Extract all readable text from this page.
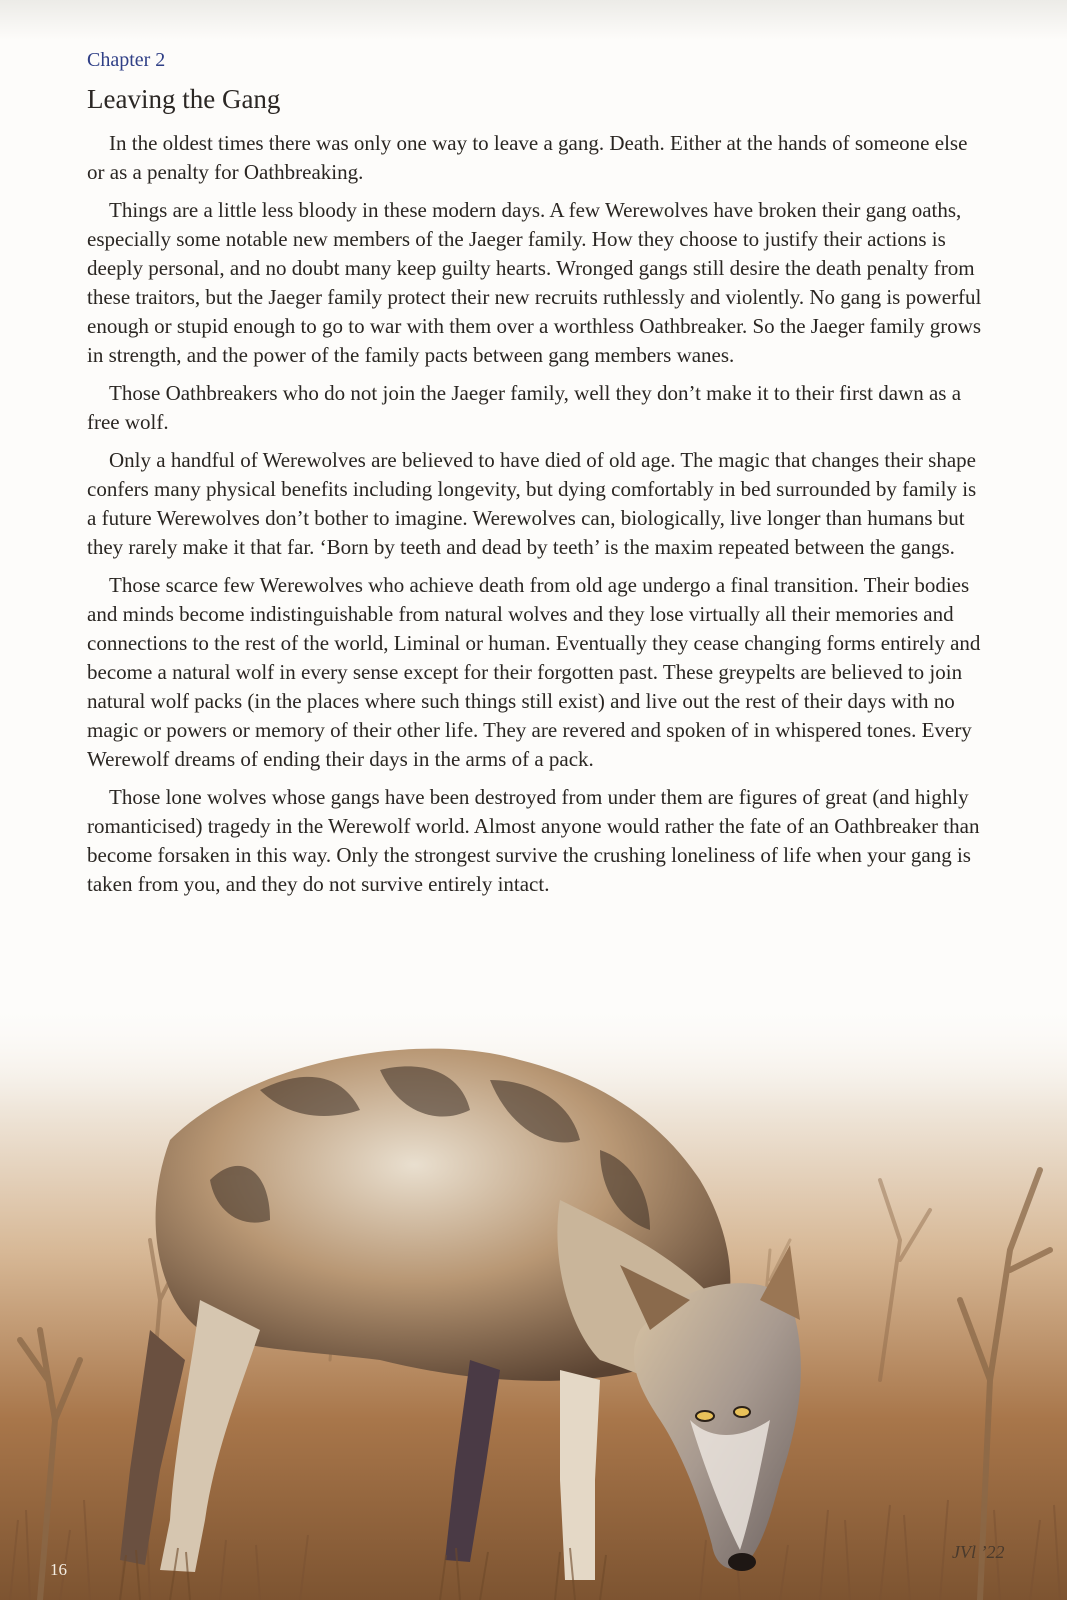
Chapter 2
Leaving the Gang

In the oldest times there was only one way to leave a gang. Death. Either at the hands of someone else or as a penalty for Oathbreaking.

Things are a little less bloody in these modern days. A few Werewolves have broken their gang oaths, especially some notable new members of the Jaeger family. How they choose to justify their actions is deeply personal, and no doubt many keep guilty hearts. Wronged gangs still desire the death penalty from these traitors, but the Jaeger family protect their new recruits ruthlessly and violently. No gang is powerful enough or stupid enough to go to war with them over a worthless Oathbreaker. So the Jaeger family grows in strength, and the power of the family pacts between gang members wanes.

Those Oathbreakers who do not join the Jaeger family, well they don’t make it to their first dawn as a free wolf.

Only a handful of Werewolves are believed to have died of old age. The magic that changes their shape confers many physical benefits including longevity, but dying comfortably in bed surrounded by family is a future Werewolves don’t bother to imagine. Werewolves can, biologically, live longer than humans but they rarely make it that far. ‘Born by teeth and dead by teeth’ is the maxim repeated between the gangs.

Those scarce few Werewolves who achieve death from old age undergo a final transition. Their bodies and minds become indistinguishable from natural wolves and they lose virtually all their memories and connections to the rest of the world, Liminal or human. Eventually they cease changing forms entirely and become a natural wolf in every sense except for their forgotten past. These greypelts are believed to join natural wolf packs (in the places where such things still exist) and live out the rest of their days with no magic or powers or memory of their other life. They are revered and spoken of in whispered tones. Every Werewolf dreams of ending their days in the arms of a pack.

Those lone wolves whose gangs have been destroyed from under them are figures of great (and highly romanticised) tragedy in the Werewolf world. Almost anyone would rather the fate of an Oathbreaker than become forsaken in this way. Only the strongest survive the crushing loneliness of life when your gang is taken from you, and they do not survive entirely intact.

16
JVl ’22
